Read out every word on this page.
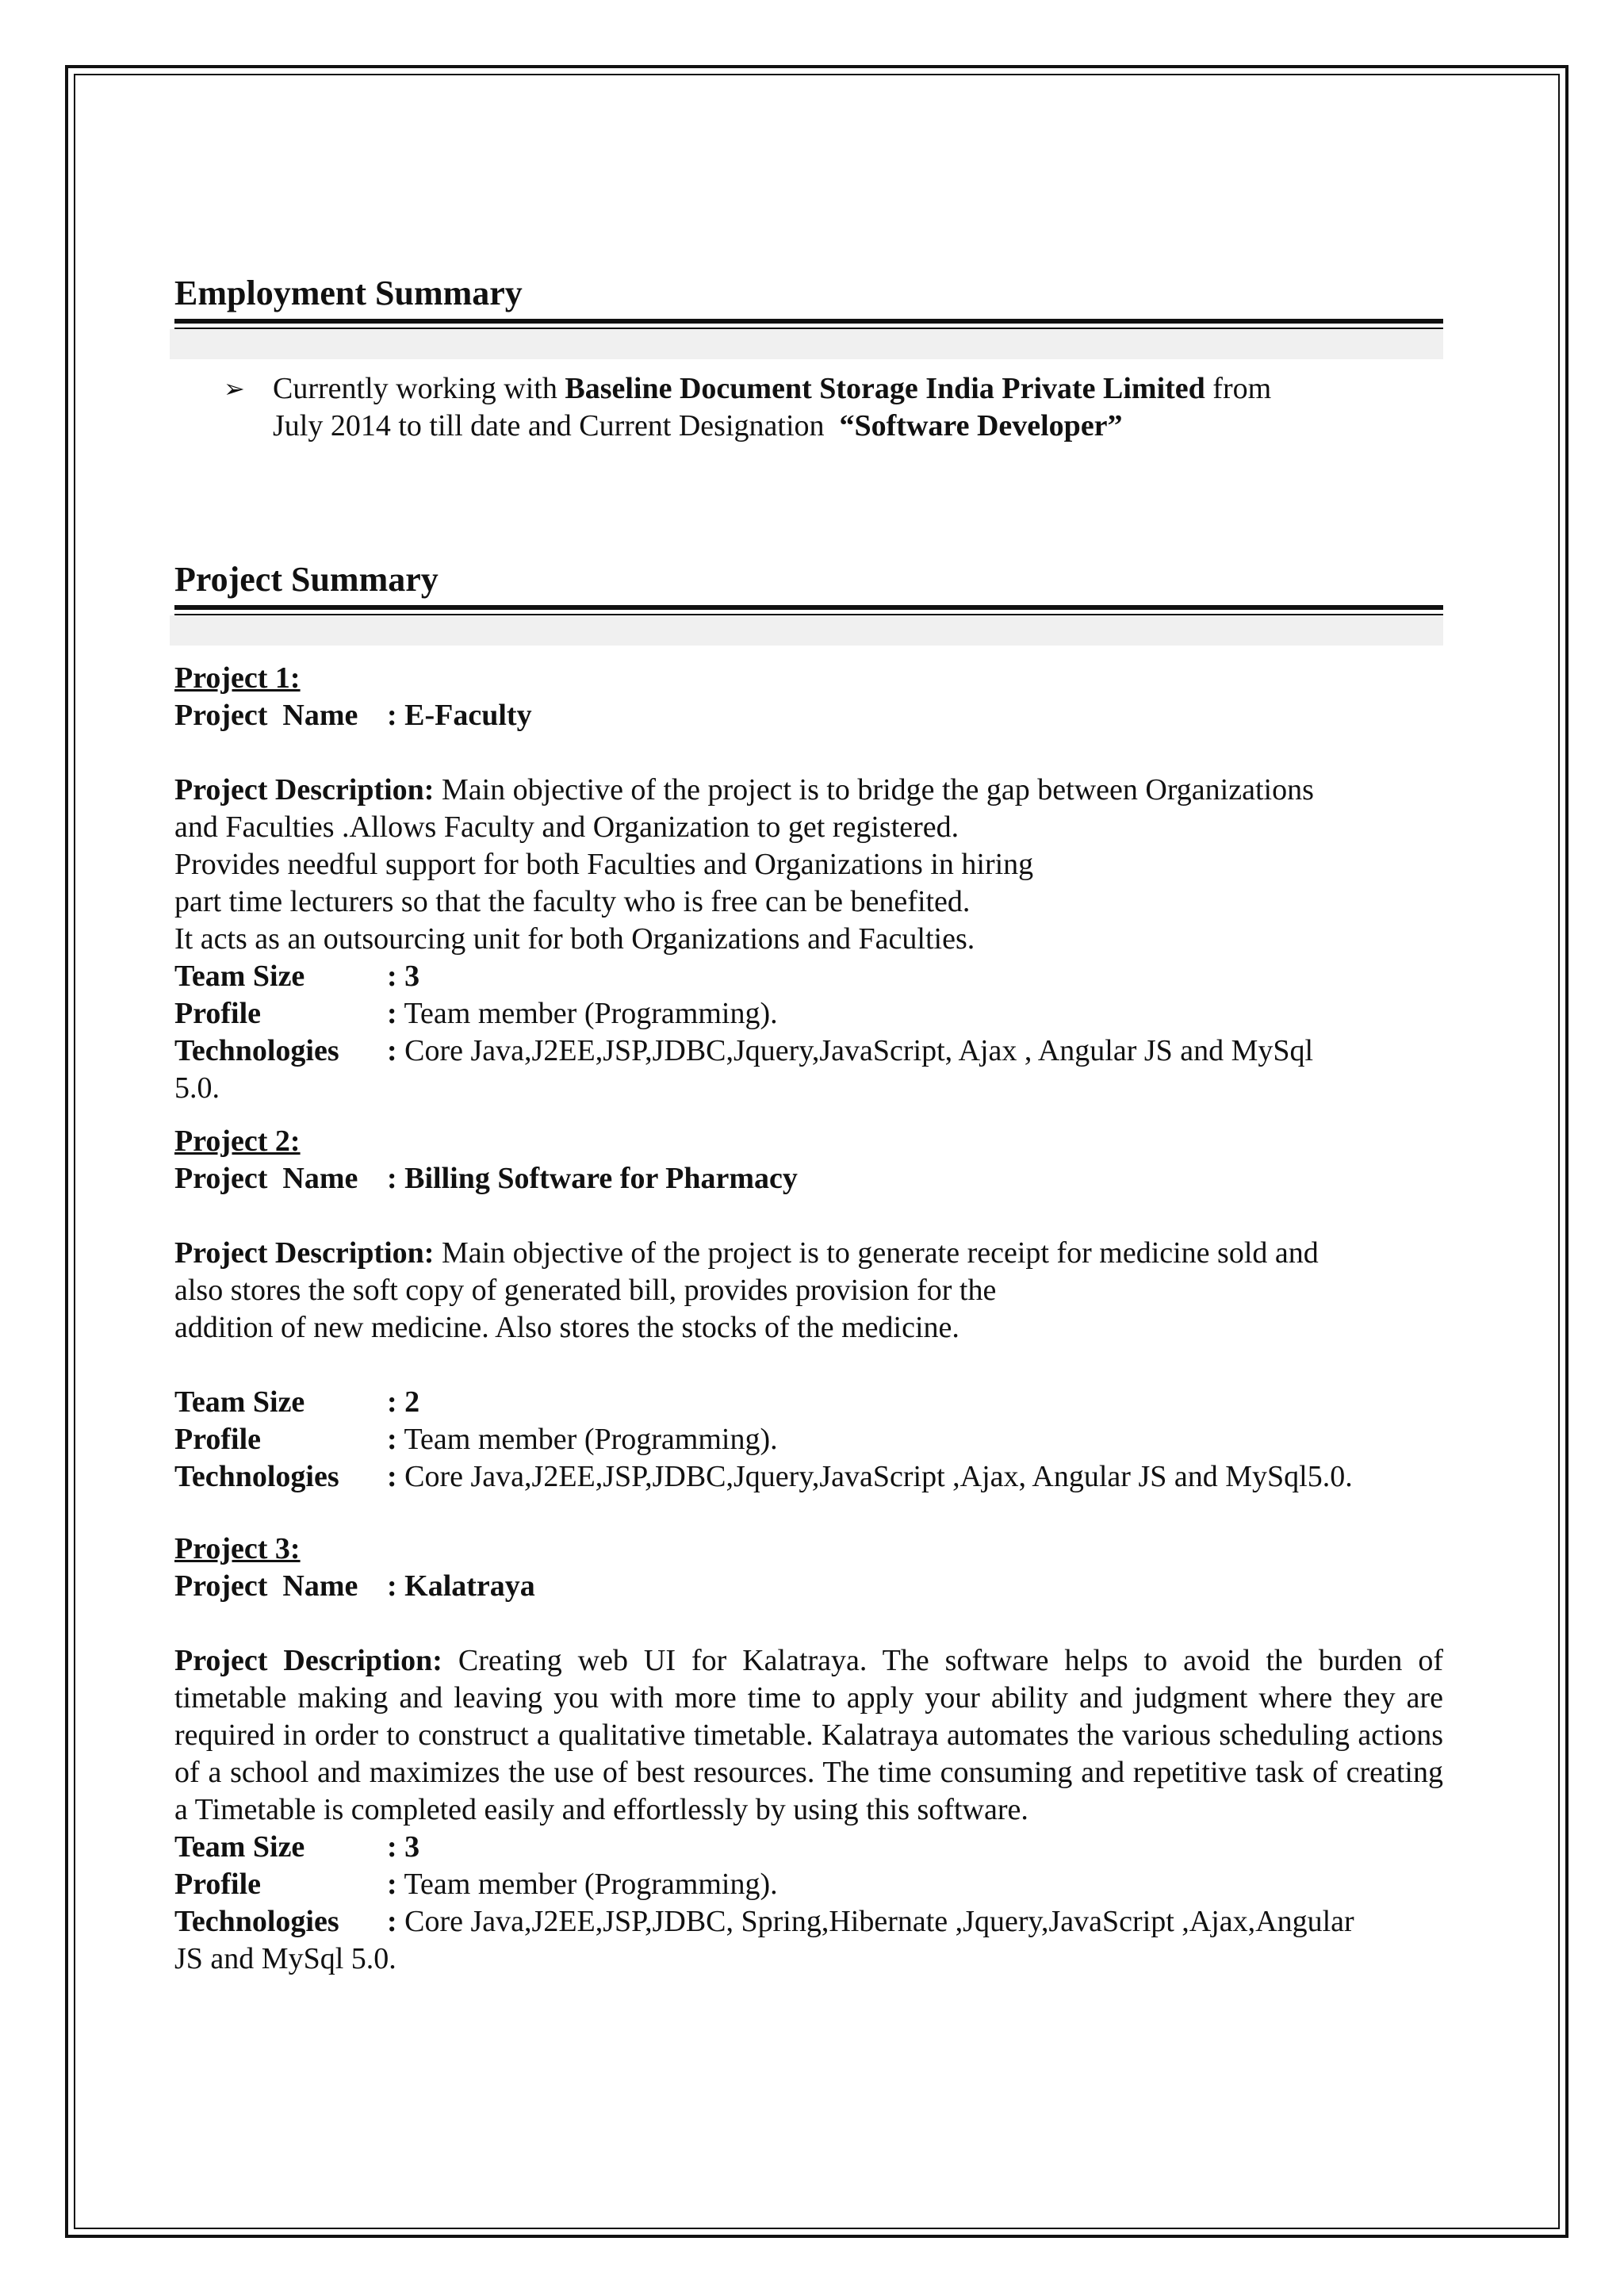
Employment Summary
➢ Currently working with Baseline Document Storage India Private Limited from
July 2014 to till date and Current Designation  “Software Developer”
Project Summary
Project 1:
Project  Name : E-Faculty
Project Description: Main objective of the project is to bridge the gap between Organizations
and Faculties .Allows Faculty and Organization to get registered.
Provides needful support for both Faculties and Organizations in hiring
part time lecturers so that the faculty who is free can be benefited.
It acts as an outsourcing unit for both Organizations and Faculties.
Team Size	: 3
Profile	: Team member (Programming).
Technologies	: Core Java,J2EE,JSP,JDBC,Jquery,JavaScript, Ajax , Angular JS and MySql
5.0.
Project 2:
Project  Name : Billing Software for Pharmacy
Project Description: Main objective of the project is to generate receipt for medicine sold and
also stores the soft copy of generated bill, provides provision for the
addition of new medicine. Also stores the stocks of the medicine.
Team Size	: 2
Profile	: Team member (Programming).
Technologies	: Core Java,J2EE,JSP,JDBC,Jquery,JavaScript ,Ajax, Angular JS and MySql5.0.
Project 3:
Project  Name : Kalatraya
Project Description: Creating web UI for Kalatraya. The software helps to avoid the burden of timetable making and leaving you with more time to apply your ability and judgment where they are required in order to construct a qualitative timetable. Kalatraya automates the various scheduling actions of a school and maximizes the use of best resources. The time consuming and repetitive task of creating a Timetable is completed easily and effortlessly by using this software.
Team Size	: 3
Profile	: Team member (Programming).
Technologies	: Core Java,J2EE,JSP,JDBC, Spring,Hibernate ,Jquery,JavaScript ,Ajax,Angular
JS and MySql 5.0.
